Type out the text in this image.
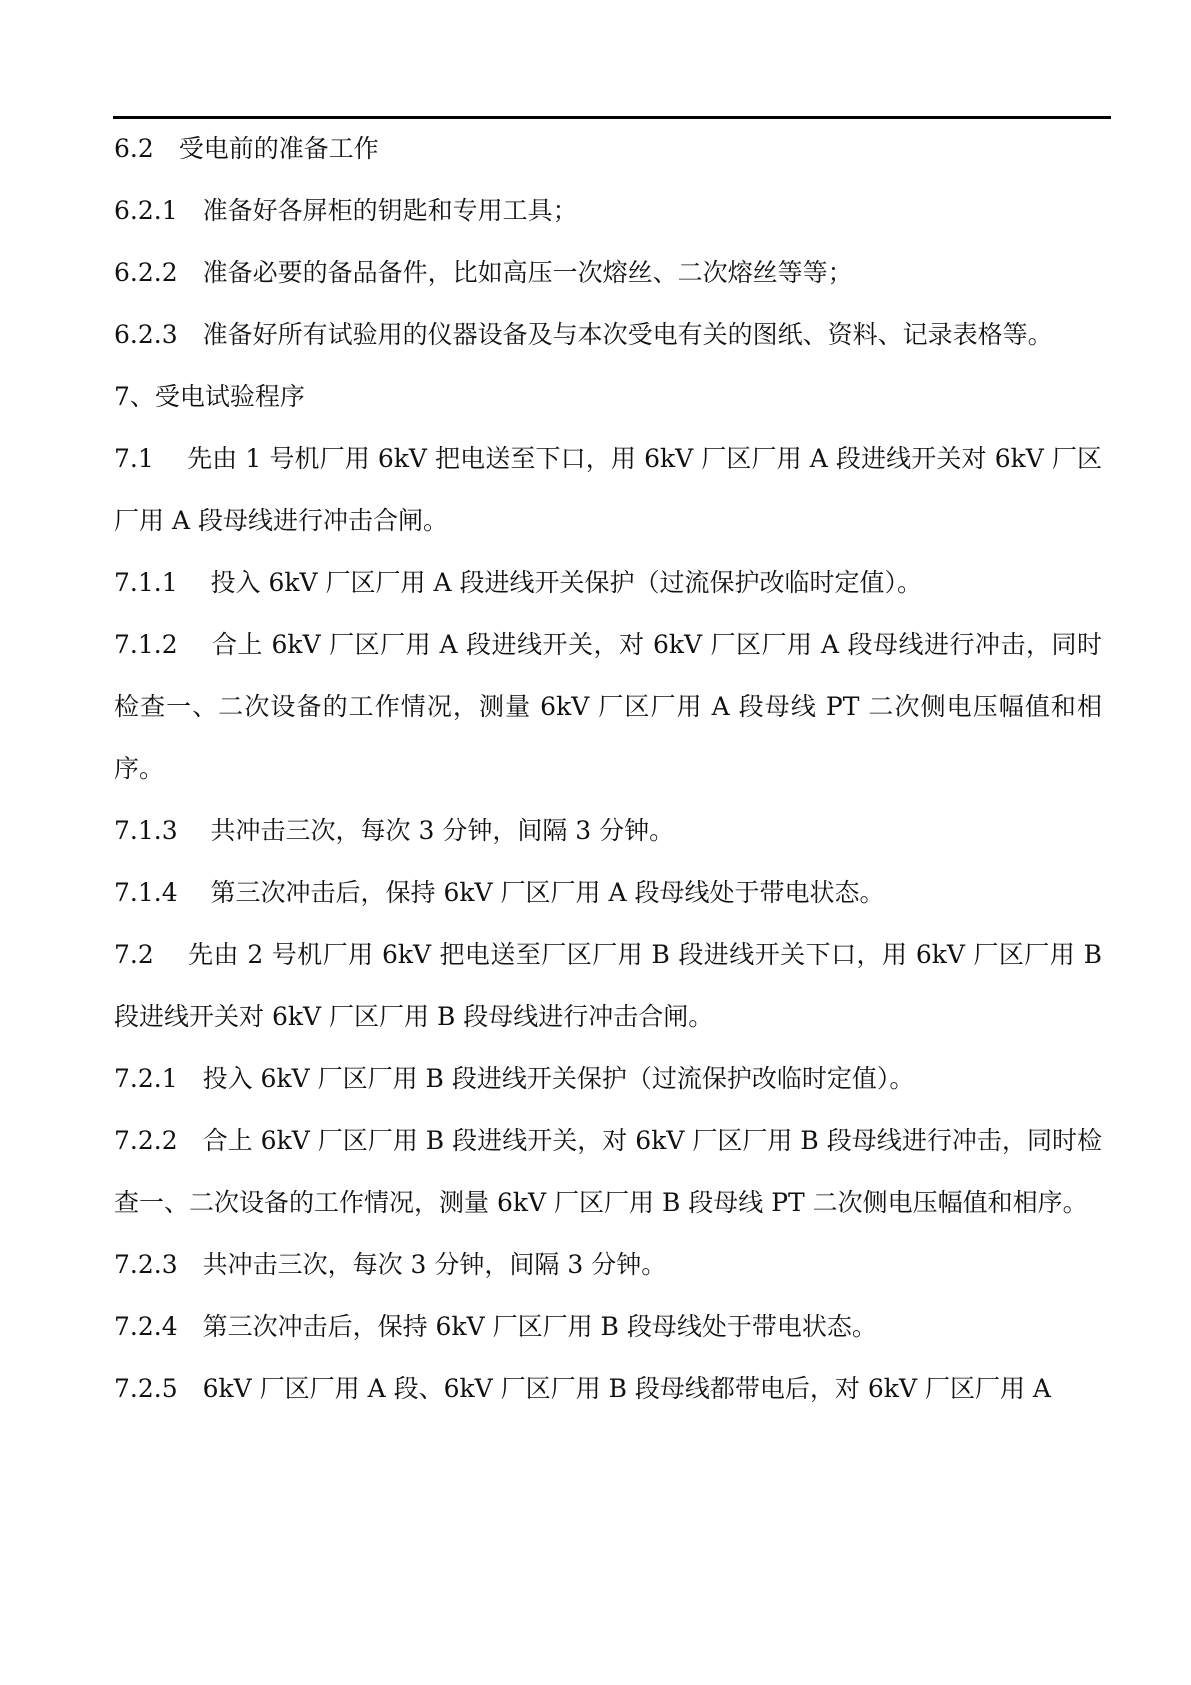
6.2　受电前的准备工作

6.2.1　准备好各屏柜的钥匙和专用工具；

6.2.2　准备必要的备品备件，比如高压一次熔丝、二次熔丝等等；

6.2.3　准备好所有试验用的仪器设备及与本次受电有关的图纸、资料、记录表格等。

7、受电试验程序

7.1　 先由 1 号机厂用 6kV 把电送至下口，用 6kV 厂区厂用 A 段进线开关对 6kV 厂区厂用 A 段母线进行冲击合闸。

7.1.1　 投入 6kV 厂区厂用 A 段进线开关保护（过流保护改临时定值）。

7.1.2　 合上 6kV 厂区厂用 A 段进线开关，对 6kV 厂区厂用 A 段母线进行冲击，同时检查一、二次设备的工作情况，测量 6kV 厂区厂用 A 段母线 PT 二次侧电压幅值和相序。

7.1.3　 共冲击三次，每次 3 分钟，间隔 3 分钟。

7.1.4　 第三次冲击后，保持 6kV 厂区厂用 A 段母线处于带电状态。

7.2　 先由 2 号机厂用 6kV 把电送至厂区厂用 B 段进线开关下口，用 6kV 厂区厂用 B 段进线开关对 6kV 厂区厂用 B 段母线进行冲击合闸。

7.2.1　投入 6kV 厂区厂用 B 段进线开关保护（过流保护改临时定值）。

7.2.2　合上 6kV 厂区厂用 B 段进线开关，对 6kV 厂区厂用 B 段母线进行冲击，同时检查一、二次设备的工作情况，测量 6kV 厂区厂用 B 段母线 PT 二次侧电压幅值和相序。

7.2.3　共冲击三次，每次 3 分钟，间隔 3 分钟。

7.2.4　第三次冲击后，保持 6kV 厂区厂用 B 段母线处于带电状态。

7.2.5　6kV 厂区厂用 A 段、6kV 厂区厂用 B 段母线都带电后，对 6kV 厂区厂用 A
